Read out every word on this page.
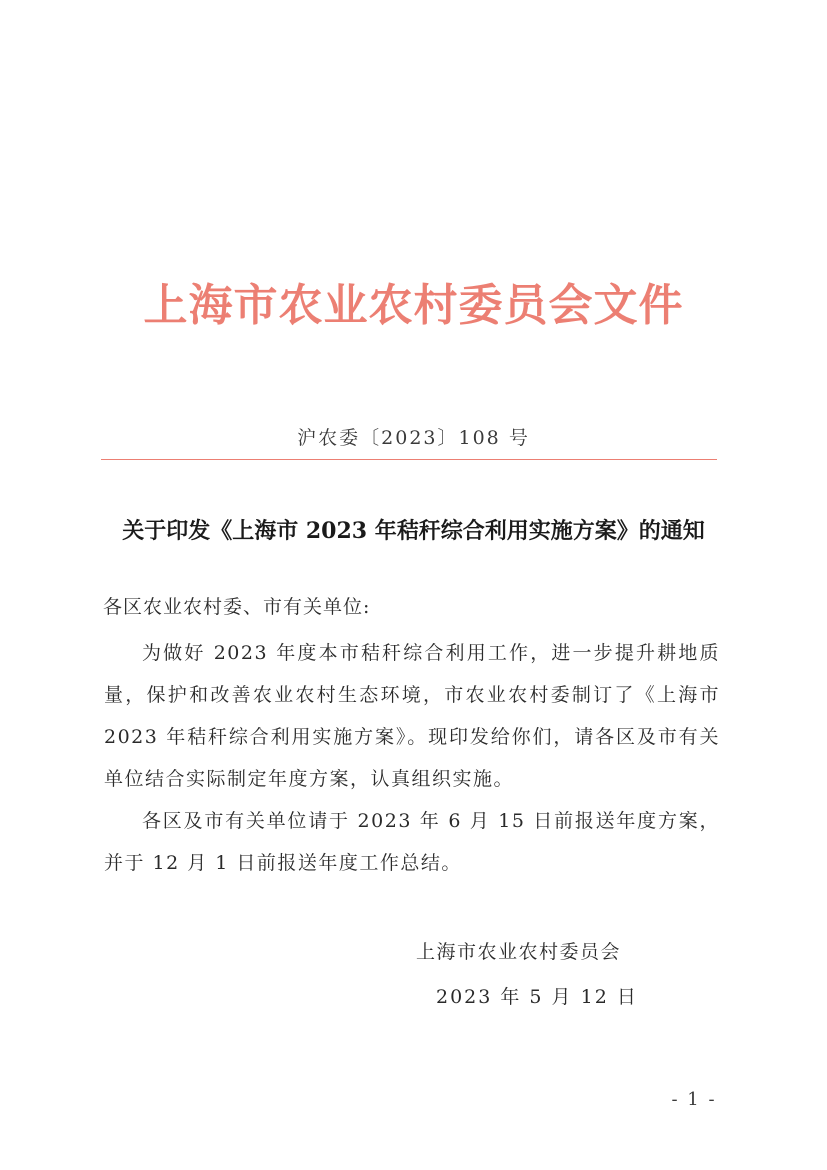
上海市农业农村委员会文件
沪农委〔2023〕108 号
关于印发《上海市 2023 年秸秆综合利用实施方案》的通知
各区农业农村委、市有关单位:

为做好 2023 年度本市秸秆综合利用工作，进一步提升耕地质量，保护和改善农业农村生态环境，市农业农村委制订了《上海市 2023 年秸秆综合利用实施方案》。现印发给你们，请各区及市有关单位结合实际制定年度方案，认真组织实施。

各区及市有关单位请于 2023 年 6 月 15 日前报送年度方案，并于 12 月 1 日前报送年度工作总结。

上海市农业农村委员会
2023 年 5 月 12 日
- 1 -
